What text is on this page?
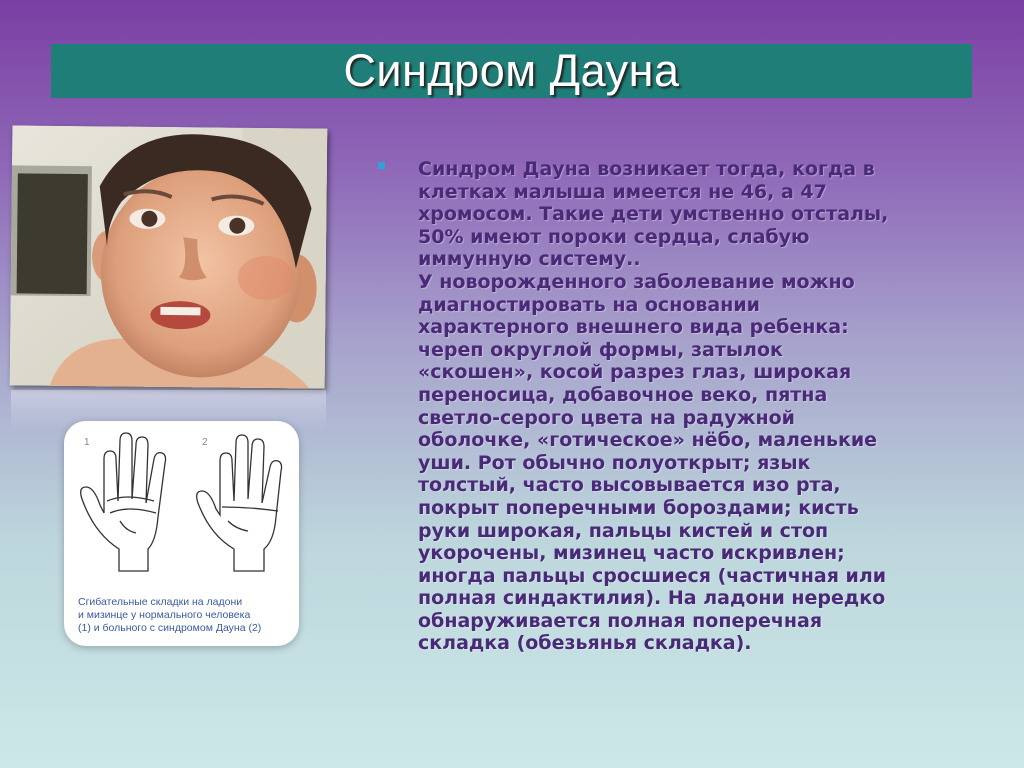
Синдром Дауна
1	2
Сгибательные складки на ладони
и мизинце у нормального человека
(1) и больного с синдромом Дауна (2)
Синдром Дауна возникает тогда, когда в
клетках малыша имеется не 46, а 47
хромосом. Такие дети умственно отсталы,
50% имеют пороки сердца, слабую
иммунную систему..
У новорожденного заболевание можно
диагностировать на основании
характерного внешнего вида ребенка:
череп округлой формы, затылок
«скошен», косой разрез глаз, широкая
переносица, добавочное веко, пятна
светло-серого цвета на радужной
оболочке, «готическое» нёбо, маленькие
уши. Рот обычно полуоткрыт; язык
толстый, часто высовывается изо рта,
покрыт поперечными бороздами; кисть
руки широкая, пальцы кистей и стоп
укорочены, мизинец часто искривлен;
иногда пальцы сросшиеся (частичная или
полная синдактилия). На ладони нередко
обнаруживается полная поперечная
складка (обезьянья складка).
